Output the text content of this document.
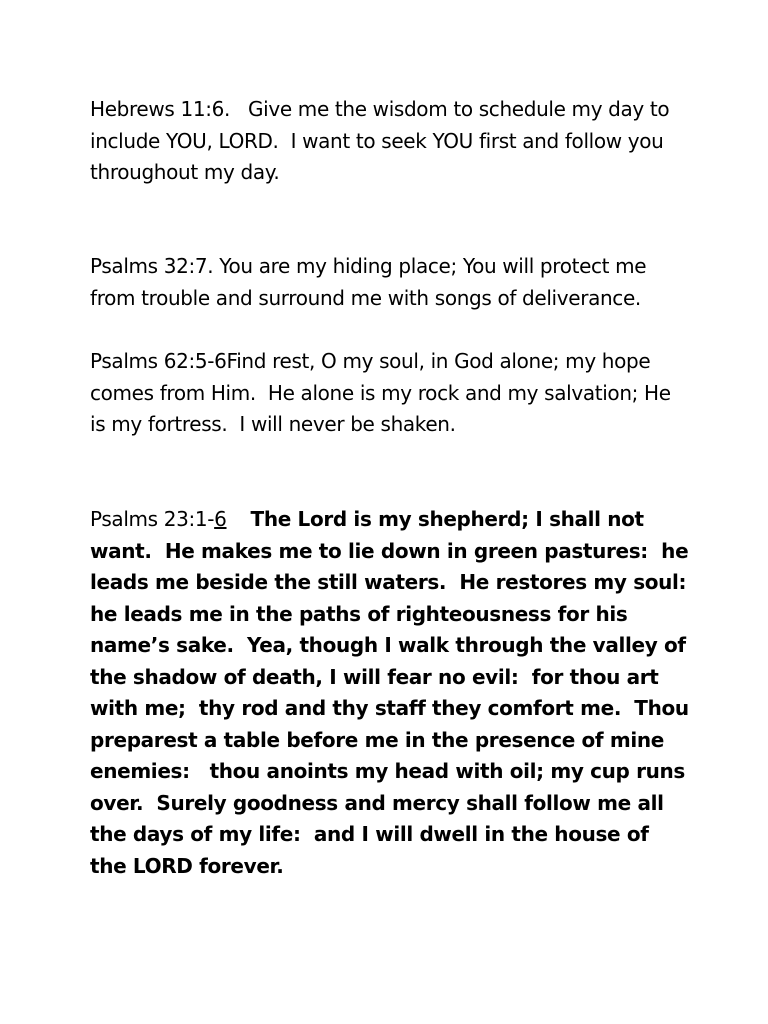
Hebrews 11:6.   Give me the wisdom to schedule my day to include YOU, LORD.  I want to seek YOU first and follow you throughout my day.

Psalms 32:7. You are my hiding place; You will protect me from trouble and surround me with songs of deliverance.

Psalms 62:5-6Find rest, O my soul, in God alone; my hope comes from Him.  He alone is my rock and my salvation; He is my fortress.  I will never be shaken.

Psalms 23:1-6 The Lord is my shepherd; I shall not want.  He makes me to lie down in green pastures:  he leads me beside the still waters.  He restores my soul:  he leads me in the paths of righteousness for his name’s sake.  Yea, though I walk through the valley of the shadow of death, I will fear no evil:  for thou art with me;  thy rod and thy staff they comfort me.  Thou preparest a table before me in the presence of mine enemies:   thou anoints my head with oil; my cup runs over.  Surely goodness and mercy shall follow me all the days of my life:  and I will dwell in the house of the LORD forever.
